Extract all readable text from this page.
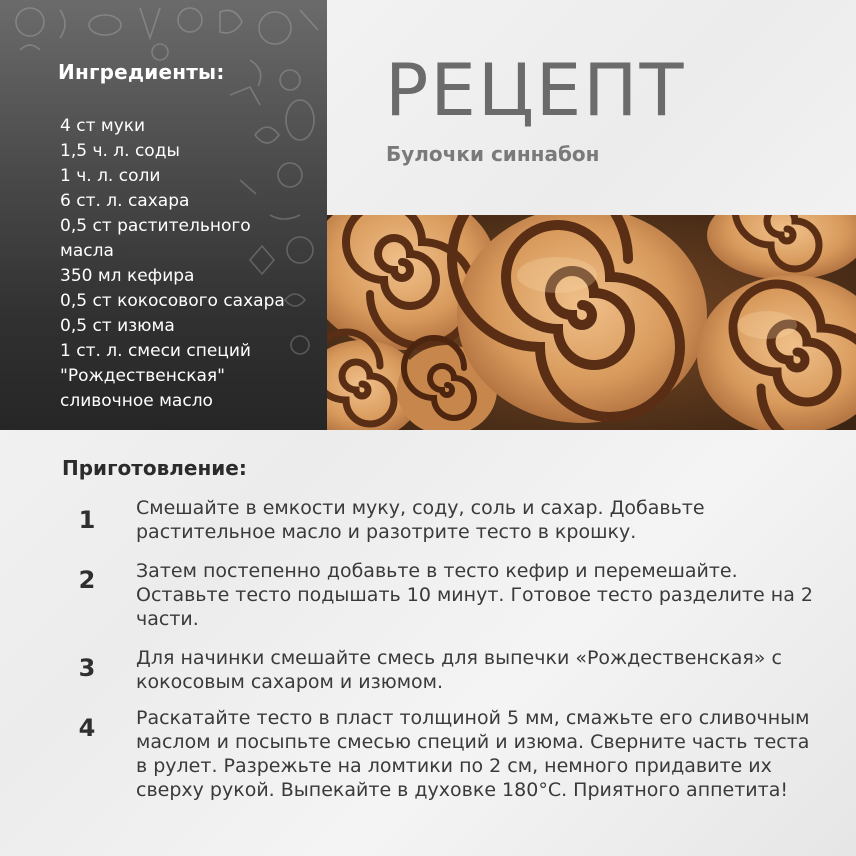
Ингредиенты:
4 ст муки
1,5 ч. л. соды
1 ч. л. соли
6 ст. л. сахара
0,5 ст растительного
масла
350 мл кефира
0,5 ст кокосового сахара
0,5 ст изюма
1 ст. л. смеси специй
"Рождественская"
сливочное масло
РЕЦЕПТ
Булочки синнабон
Приготовление:
1 Смешайте в емкости муку, соду, соль и сахар. Добавьте растительное масло и разотрите тесто в крошку.
2 Затем постепенно добавьте в тесто кефир и перемешайте. Оставьте тесто подышать 10 минут. Готовое тесто разделите на 2 части.
3 Для начинки смешайте смесь для выпечки «Рождественская» с кокосовым сахаром и изюмом.
4 Раскатайте тесто в пласт толщиной 5 мм, смажьте его сливочным маслом и посыпьте смесью специй и изюма. Сверните часть теста в рулет. Разрежьте на ломтики по 2 см, немного придавите их сверху рукой. Выпекайте в духовке 180°С. Приятного аппетита!
